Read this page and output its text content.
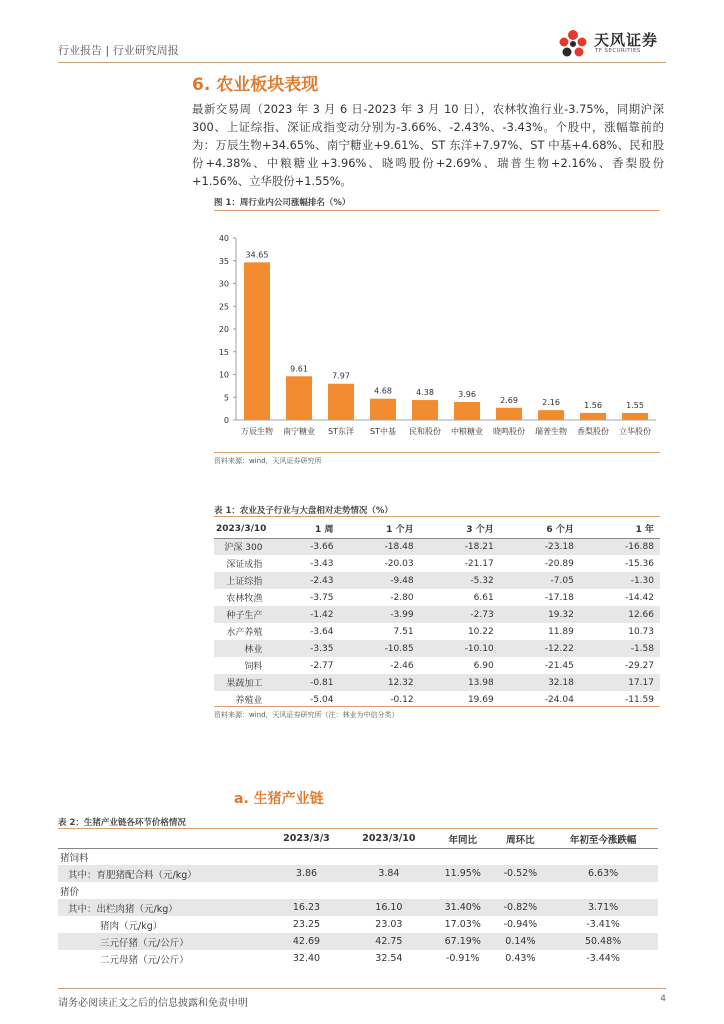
行业报告 | 行业研究周报
天风证券
TF SECURITIES
6. 农业板块表现
最新交易周（2023 年 3 月 6 日-2023 年 3 月 10 日），农林牧渔行业-3.75%，同期沪深 300、上证综指、深证成指变动分别为-3.66%、-2.43%、-3.43%。个股中，涨幅靠前的为：万辰生物+34.65%、南宁糖业+9.61%、ST 东洋+7.97%、ST 中基+4.68%、民和股份+4.38%、中粮糖业+3.96%、晓鸣股份+2.69%、瑞普生物+2.16%、香梨股份+1.56%、立华股份+1.55%。
图 1：周行业内公司涨幅排名（%）
0
5
10
15
20
25
30
35
40
34.65
万辰生物
9.61
南宁糖业
7.97
ST东洋
4.68
ST中基
4.38
民和股份
3.96
中粮糖业
2.69
晓鸣股份
2.16
瑞普生物
1.56
香梨股份
1.55
立华股份
资料来源：wind，天风证券研究所
表 1：农业及子行业与大盘相对走势情况（%）
2023/3/10	1 周	1 个月	3 个月	6 个月	1 年
沪深 300	-3.66	-18.48	-18.21	-23.18	-16.88
深证成指	-3.43	-20.03	-21.17	-20.89	-15.36
上证综指	-2.43	-9.48	-5.32	-7.05	-1.30
农林牧渔	-3.75	-2.80	6.61	-17.18	-14.42
种子生产	-1.42	-3.99	-2.73	19.32	12.66
水产养殖	-3.64	7.51	10.22	11.89	10.73
林业	-3.35	-10.85	-10.10	-12.22	-1.58
饲料	-2.77	-2.46	6.90	-21.45	-29.27
果蔬加工	-0.81	12.32	13.98	32.18	17.17
养殖业	-5.04	-0.12	19.69	-24.04	-11.59
资料来源：wind，天风证券研究所（注：林业为中信分类）
a. 生猪产业链
表 2：生猪产业链各环节价格情况
	2023/3/3	2023/3/10	年同比	周环比	年初至今涨跌幅
猪饲料					
其中：育肥猪配合料（元/kg）	3.86	3.84	11.95%	-0.52%	6.63%
猪价					
其中：出栏肉猪（元/kg）	16.23	16.10	31.40%	-0.82%	3.71%
猪肉（元/kg）	23.25	23.03	17.03%	-0.94%	-3.41%
三元仔猪（元/公斤）	42.69	42.75	67.19%	0.14%	50.48%
二元母猪（元/公斤）	32.40	32.54	-0.91%	0.43%	-3.44%
请务必阅读正文之后的信息披露和免责申明	4
